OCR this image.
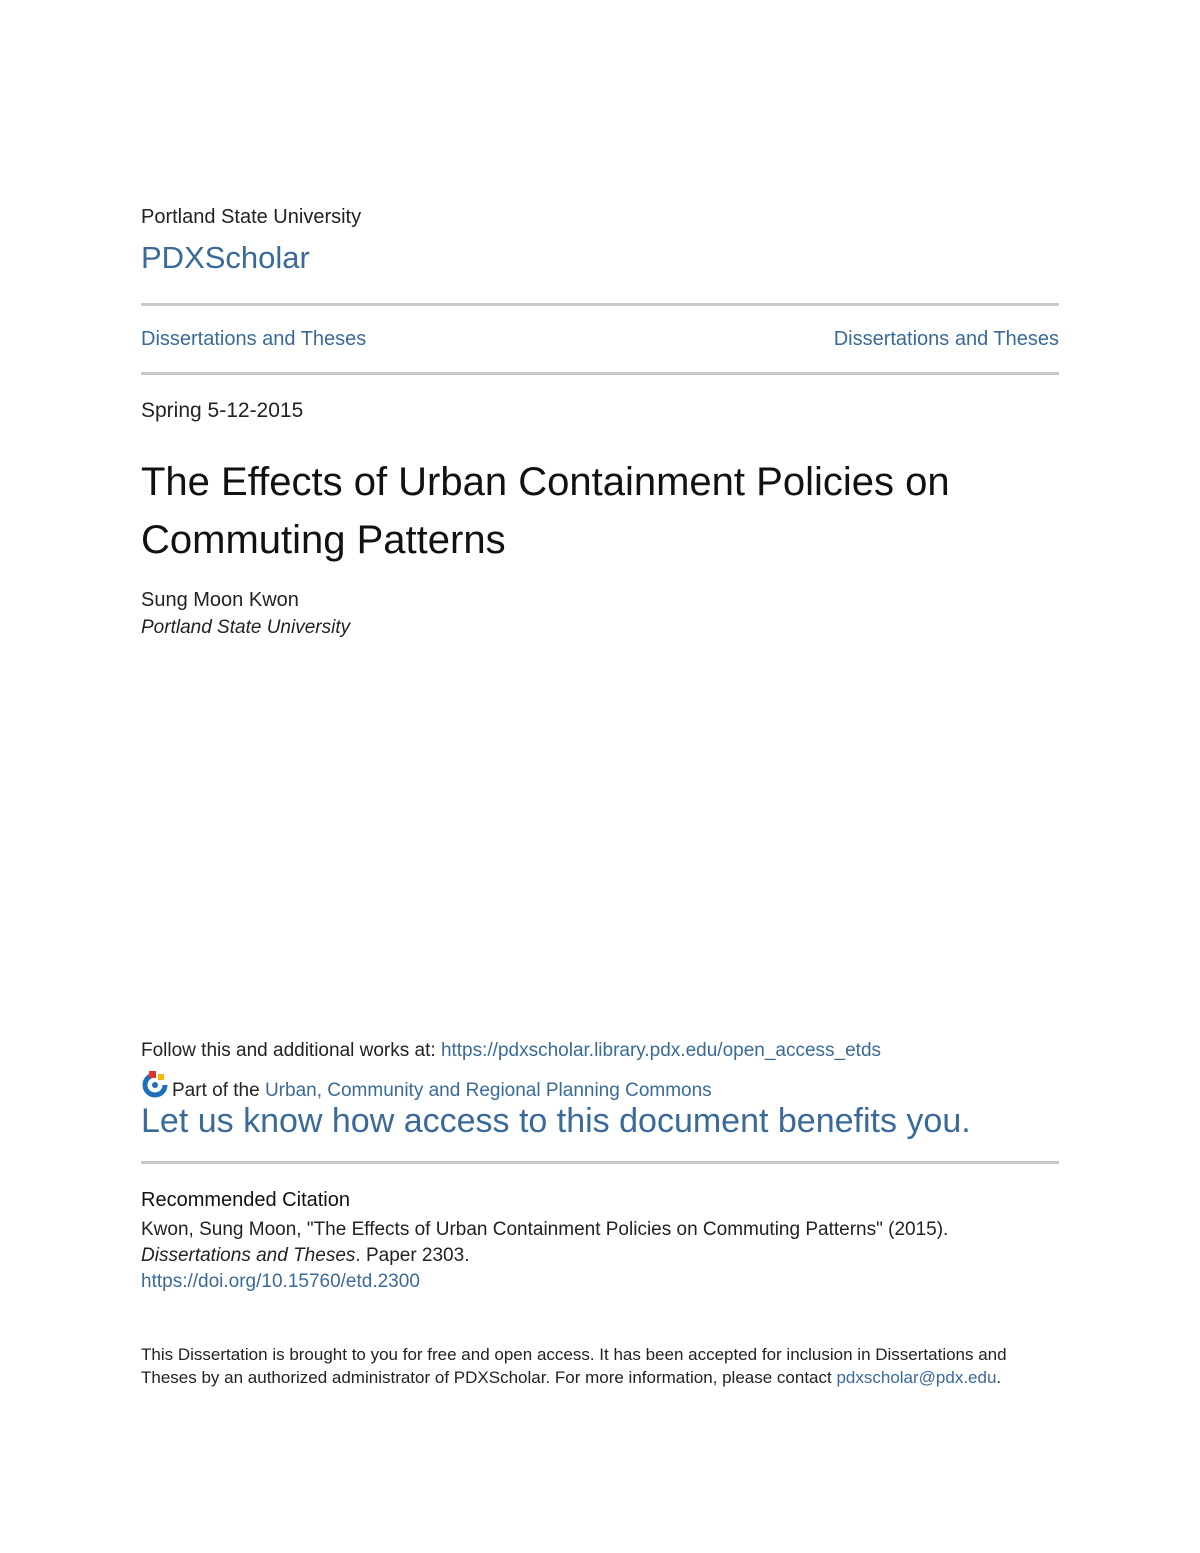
Portland State University

PDXScholar
Dissertations and Theses	Dissertations and Theses

Spring 5-12-2015

The Effects of Urban Containment Policies on Commuting Patterns

Sung Moon Kwon

Portland State University

Follow this and additional works at: https://pdxscholar.library.pdx.edu/open_access_etds

Part of the Urban, Community and Regional Planning Commons

Let us know how access to this document benefits you.

Recommended Citation

Kwon, Sung Moon, "The Effects of Urban Containment Policies on Commuting Patterns" (2015).

Dissertations and Theses. Paper 2303.

https://doi.org/10.15760/etd.2300

This Dissertation is brought to you for free and open access. It has been accepted for inclusion in Dissertations and Theses by an authorized administrator of PDXScholar. For more information, please contact pdxscholar@pdx.edu.
